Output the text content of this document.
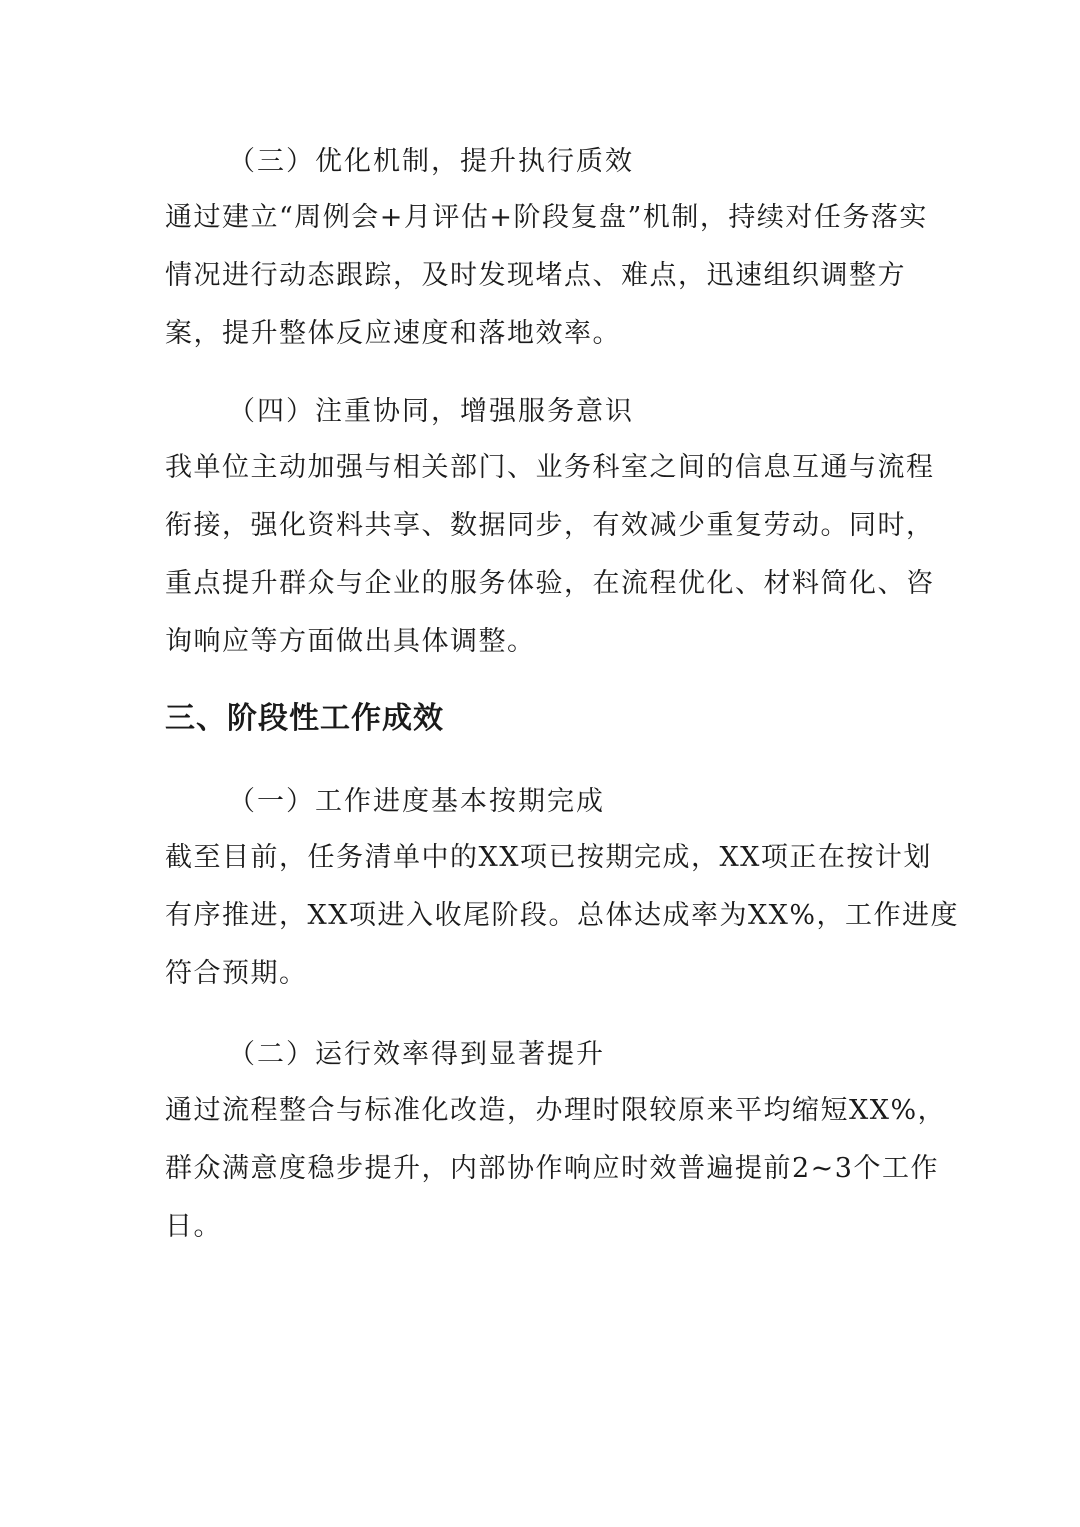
（三）优化机制，提升执行质效
通过建立“周例会+月评估+阶段复盘”机制，持续对任务落实
情况进行动态跟踪，及时发现堵点、难点，迅速组织调整方
案，提升整体反应速度和落地效率。
（四）注重协同，增强服务意识
我单位主动加强与相关部门、业务科室之间的信息互通与流程
衔接，强化资料共享、数据同步，有效减少重复劳动。同时，
重点提升群众与企业的服务体验，在流程优化、材料简化、咨
询响应等方面做出具体调整。
三、阶段性工作成效
（一）工作进度基本按期完成
截至目前，任务清单中的XX项已按期完成，XX项正在按计划
有序推进，XX项进入收尾阶段。总体达成率为XX%，工作进度
符合预期。
（二）运行效率得到显著提升
通过流程整合与标准化改造，办理时限较原来平均缩短XX%，
群众满意度稳步提升，内部协作响应时效普遍提前2~3个工作
日。
